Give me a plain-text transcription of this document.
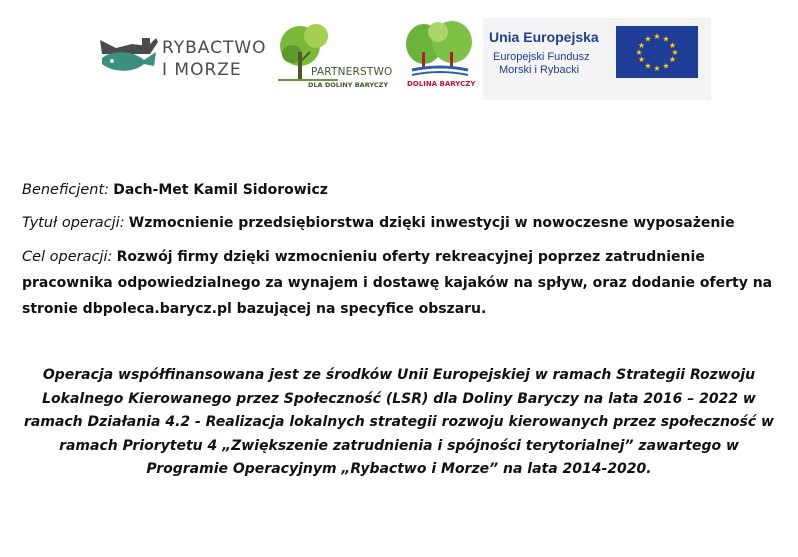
RYBACTWO
I MORZE	PARTNERSTWO
DLA DOLINY BARYCZY	DOLINA BARYCZY
Unia Europejska
Europejski Fundusz
Morski i Rybacki
★ ★
★
★
★
★
★
★
★
★
★
★

Beneficjent: Dach-Met Kamil Sidorowicz

Tytuł operacji: Wzmocnienie przedsiębiorstwa dzięki inwestycji w nowoczesne wyposażenie

Cel operacji: Rozwój firmy dzięki wzmocnieniu oferty rekreacyjnej poprzez zatrudnienie
pracownika odpowiedzialnego za wynajem i dostawę kajaków na spływ, oraz dodanie oferty na
stronie dbpoleca.barycz.pl bazującej na specyfice obszaru.

Operacja współfinansowana jest ze środków Unii Europejskiej w ramach Strategii Rozwoju
Lokalnego Kierowanego przez Społeczność (LSR) dla Doliny Baryczy na lata 2016 – 2022 w
ramach Działania 4.2 - Realizacja lokalnych strategii rozwoju kierowanych przez społeczność w
ramach Priorytetu 4 „Zwiększenie zatrudnienia i spójności terytorialnej” zawartego w
Programie Operacyjnym „Rybactwo i Morze” na lata 2014-2020.
